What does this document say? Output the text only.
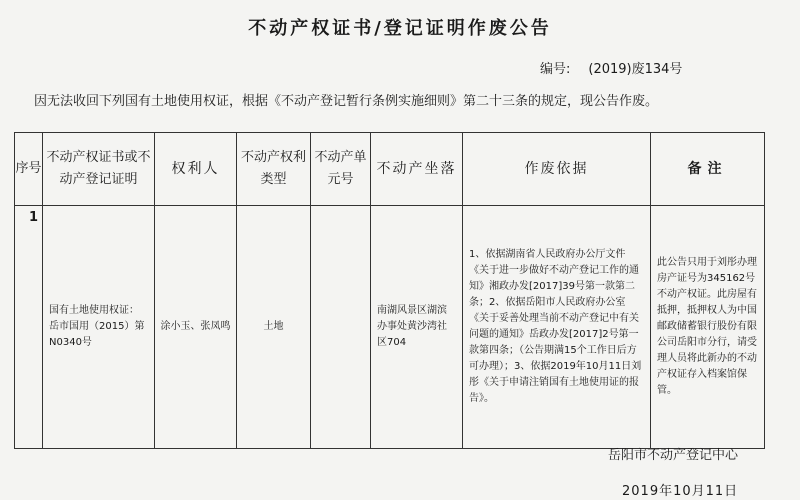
不动产权证书/登记证明作废公告
编号: (2019)废134号
因无法收回下列国有土地使用权证，根据《不动产登记暂行条例实施细则》第二十三条的规定，现公告作废。
序号	不动产权证书或不动产登记证明	权利人	不动产权利类型	不动产单元号	不动产坐落	作废依据	备注
1	国有土地使用权证：岳市国用（2015）第N0340号	涂小玉、张凤鸣	土地		南湖风景区湖滨办事处黄沙湾社区704	1、依据湖南省人民政府办公厅文件《关于进一步做好不动产登记工作的通知》湘政办发[2017]39号第一款第二条；2、依据岳阳市人民政府办公室《关于妥善处理当前不动产登记中有关问题的通知》岳政办发[2017]2号第一款第四条；（公告期满15个工作日后方可办理）；3、依据2019年10月11日刘彤《关于申请注销国有土地使用证的报告》。	此公告只用于刘彤办理房产证号为345162号不动产权证。此房屋有抵押，抵押权人为中国邮政储蓄银行股份有限公司岳阳市分行，请受理人员将此新办的不动产权证存入档案馆保管。
岳阳市不动产登记中心
2019年10月11日
